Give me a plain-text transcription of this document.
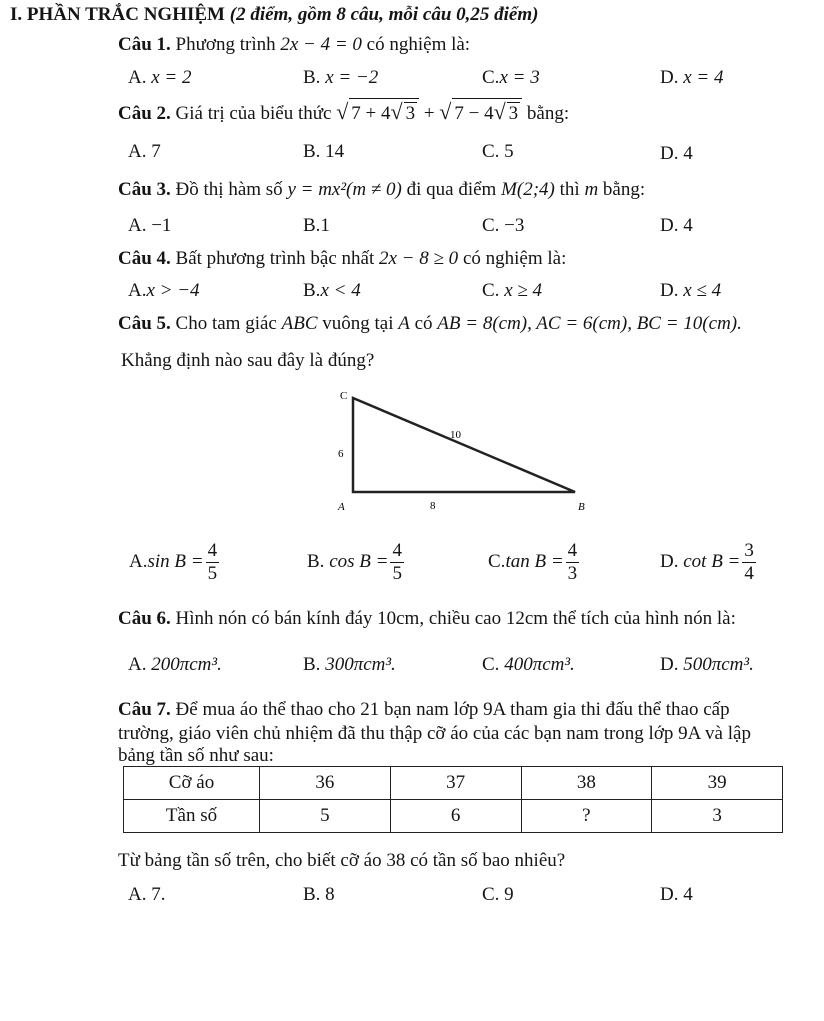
I. PHẦN TRẮC NGHIỆM (2 điểm, gồm 8 câu, mỗi câu 0,25 điểm)
Câu 1. Phương trình 2x − 4 = 0 có nghiệm là:
A. x = 2	B. x = −2	C.x = 3	D. x = 4
Câu 2. Giá trị của biểu thức √ 7 + 4√ 3 + √ 7 − 4√ 3 bằng:
A. 7	B. 14	C. 5	D. 4
Câu 3. Đồ thị hàm số y = mx²(m ≠ 0) đi qua điểm M(2;4) thì m bằng:
A. −1	B.1	C. −3	D. 4
Câu 4. Bất phương trình bậc nhất 2x − 8 ≥ 0 có nghiệm là:
A.x > −4	B.x < 4	C. x ≥ 4	D. x ≤ 4
Câu 5. Cho tam giác ABC vuông tại A có AB = 8(cm), AC = 6(cm), BC = 10(cm).
Khẳng định nào sau đây là đúng?
C
A	B
6
10
8
A.sin $B = \frac{4}{5}$	B. $\cos B = \frac{4}{5}$	C.tan $B = \frac{4}{3}$	D. $\cot B = \frac{3}{4}$
Câu 6. Hình nón có bán kính đáy 10cm, chiều cao 12cm thể tích của hình nón là:
A. 200πcm³.	B. 300πcm³.	C. 400πcm³.	D. 500πcm³.
Câu 7. Để mua áo thể thao cho 21 bạn nam lớp 9A tham gia thi đấu thể thao cấp
trường, giáo viên chủ nhiệm đã thu thập cỡ áo của các bạn nam trong lớp 9A và lập
bảng tần số như sau:
Cỡ áo	36	37	38	39
Tần số	5	6	?	3
Từ bảng tần số trên, cho biết cỡ áo 38 có tần số bao nhiêu?
A. 7.	B. 8	C. 9	D. 4
